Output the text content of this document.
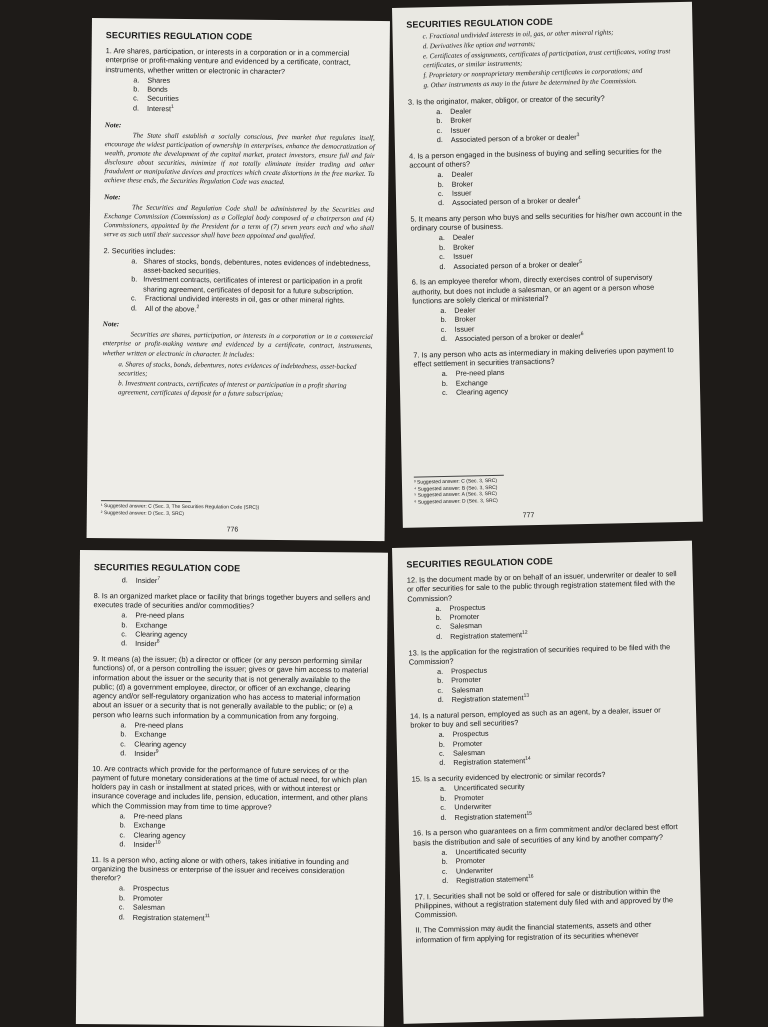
SECURITIES REGULATION CODE
1. Are shares, participation, or interests in a corporation or in a commercial enterprise or profit-making venture and evidenced by a certificate, contract, instruments, whether written or electronic in character?
a. Shares
b. Bonds
c.	Securities
d. Interest$^1$
Note:
The State shall establish a socially conscious, free market that regulates itself, encourage the widest participation of ownership in enterprises, enhance the democratization of wealth, promote the development of the capital market, protect investors, ensure full and fair disclosure about securities, minimize if not totally eliminate insider trading and other fraudulent or manipulative devices and practices which create distortions in the free market. To achieve these ends, the Securities Regulation Code was enacted.
Note:
The Securities and Regulation Code shall be administered by the Securities and Exchange Commission (Commission) as a Collegial body composed of a chairperson and (4) Commissioners, appointed by the President for a term of (7) seven years each and who shall serve as such until their successor shall have been appointed and qualified.
2. Securities includes:
a. Shares of stocks, bonds, debentures, notes evidences of indebtedness, asset-backed securities.
b. Investment contracts, certificates of interest or participation in a profit sharing agreement, certificates of deposit for a future subscription.
c.	Fractional undivided interests in oil, gas or other mineral rights.
d. All of the above.$^2$
Note:
Securities are shares, participation, or interests in a corporation or in a commercial enterprise or profit-making venture and evidenced by a certificate, contract, instruments, whether written or electronic in character. It includes:
a. Shares of stocks, bonds, debentures, notes evidences of indebtedness, asset-backed securities;
b. Investment contracts, certificates of interest or participation in a profit sharing agreement, certificates of deposit for a future subscription;
¹ Suggested answer: C (Sec. 3, The Securities Regulation Code (SRC))
² Suggested answer: D (Sec. 3, SRC)
776
SECURITIES REGULATION CODE
c. Fractional undivided interests in oil, gas, or other mineral rights;
d. Derivatives like option and warrants;
e. Certificates of assignments, certificates of participation, trust certificates, voting trust certificates, or similar instruments;
f. Proprietary or nonproprietary membership certificates in corporations; and
g. Other instruments as may in the future be determined by the Commission.
3. Is the originator, maker, obligor, or creator of the security?
a. Dealer
b. Broker
c.	Issuer
d. Associated person of a broker or dealer$^3$
4. Is a person engaged in the business of buying and selling securities for the account of others?
a. Dealer
b. Broker
c.	Issuer
d. Associated person of a broker or dealer$^4$
5. It means any person who buys and sells securities for his/her own account in the ordinary course of business.
a. Dealer
b. Broker
c.	Issuer
d. Associated person of a broker or dealer$^5$
6. Is an employee therefor whom, directly exercises control of supervisory authority, but does not include a salesman, or an agent or a person whose functions are solely clerical or ministerial?
a. Dealer
b. Broker
c.	Issuer
d. Associated person of a broker or dealer$^6$
7. Is any person who acts as intermediary in making deliveries upon payment to effect settlement in securities transactions?
a. Pre-need plans
b. Exchange
c.	Clearing agency
³ Suggested answer: C (Sec. 3, SRC)
⁴ Suggested answer: B (Sec. 3, SRC)
⁵ Suggested answer: A (Sec. 3, SRC)
⁶ Suggested answer: D (Sec. 3, SRC)
777
SECURITIES REGULATION CODE
d. Insider$^7$
8. Is an organized market place or facility that brings together buyers and sellers and executes trade of securities and/or commodities?
a. Pre-need plans
b. Exchange
c.	Clearing agency
d. Insider$^8$
9. It means (a) the issuer; (b) a director or officer (or any person performing similar functions) of, or a person controlling the issuer; gives or gave him access to material information about the issuer or the security that is not generally available to the public; (d) a government employee, director, or officer of an exchange, clearing agency and/or self-regulatory organization who has access to material information about an issuer or a security that is not generally available to the public; or (e) a person who learns such information by a communication from any forgoing.
a. Pre-need plans
b. Exchange
c.	Clearing agency
d. Insider$^9$
10. Are contracts which provide for the performance of future services of or the payment of future monetary considerations at the time of actual need, for which plan holders pay in cash or installment at stated prices, with or without interest or insurance coverage and includes life, pension, education, interment, and other plans which the Commission may from time to time approve?
a. Pre-need plans
b. Exchange
c.	Clearing agency
d. Insider$^{10}$
11. Is a person who, acting alone or with others, takes initiative in founding and organizing the business or enterprise of the issuer and receives consideration therefor?
a. Prospectus
b. Promoter
c.	Salesman
d. Registration statement$^{11}$
SECURITIES REGULATION CODE
12. Is the document made by or on behalf of an issuer, underwriter or dealer to sell or offer securities for sale to the public through registration statement filed with the Commission?
a. Prospectus
b. Promoter
c.	Salesman
d. Registration statement$^{12}$
13. Is the application for the registration of securities required to be filed with the Commission?
a. Prospectus
b. Promoter
c.	Salesman
d. Registration statement$^{13}$
14. Is a natural person, employed as such as an agent, by a dealer, issuer or broker to buy and sell securities?
a. Prospectus
b. Promoter
c.	Salesman
d. Registration statement$^{14}$
15. Is a security evidenced by electronic or similar records?
a. Uncertificated security
b. Promoter
c.	Underwriter
d. Registration statement$^{15}$
16. Is a person who guarantees on a firm commitment and/or declared best effort basis the distribution and sale of securities of any kind by another company?
a. Uncertificated security
b. Promoter
c.	Underwriter
d. Registration statement$^{16}$
17. I. Securities shall not be sold or offered for sale or distribution within the Philippines, without a registration statement duly filed with and approved by the Commission.
II. The Commission may audit the financial statements, assets and other information of firm applying for registration of its securities whenever
